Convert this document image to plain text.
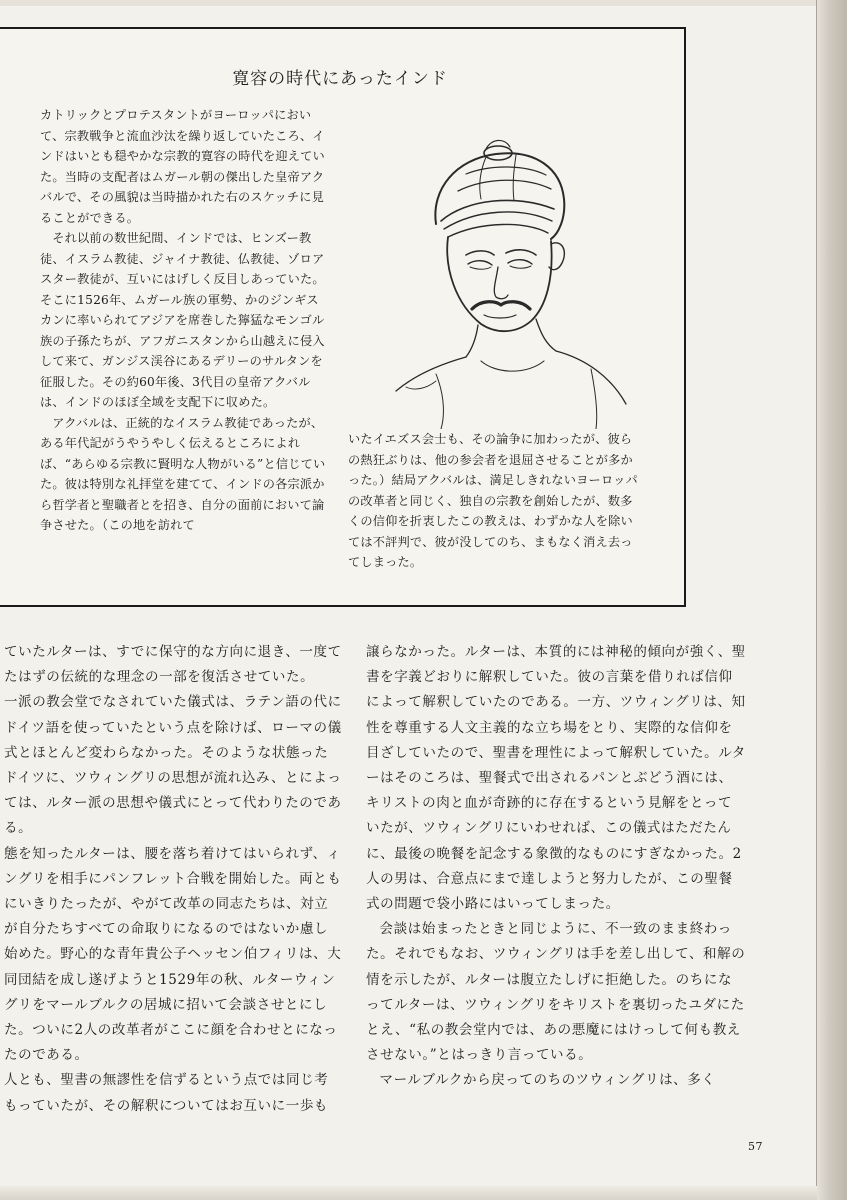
寛容の時代にあったインド

カトリックとプロテスタントがヨーロッパにおいて、宗教戦争と流血沙汰を繰り返していたころ、インドはいとも穏やかな宗教的寛容の時代を迎えていた。当時の支配者はムガール朝の傑出した皇帝アクバルで、その風貌は当時描かれた右のスケッチに見ることができる。

それ以前の数世紀間、インドでは、ヒンズー教徒、イスラム教徒、ジャイナ教徒、仏教徒、ゾロアスター教徒が、互いにはげしく反目しあっていた。そこに1526年、ムガール族の軍勢、かのジンギスカンに率いられてアジアを席巻した獰猛なモンゴル族の子孫たちが、アフガニスタンから山越えに侵入して来て、ガンジス渓谷にあるデリーのサルタンを征服した。その約60年後、3代目の皇帝アクバルは、インドのほぼ全域を支配下に収めた。

アクバルは、正統的なイスラム教徒であったが、ある年代記がうやうやしく伝えるところによれば、“あらゆる宗教に賢明な人物がいる”と信じていた。彼は特別な礼拝堂を建てて、インドの各宗派から哲学者と聖職者とを招き、自分の面前において論争させた。（この地を訪れて

いたイエズス会士も、その論争に加わったが、彼らの熱狂ぶりは、他の参会者を退屈させることが多かった。）結局アクバルは、満足しきれないヨーロッパの改革者と同じく、独自の宗教を創始したが、数多くの信仰を折衷したこの教えは、わずかな人を除いては不評判で、彼が没してのち、まもなく消え去ってしまった。

ていたルターは、すでに保守的な方向に退き、一度てたはずの伝統的な理念の一部を復活させていた。

一派の教会堂でなされていた儀式は、ラテン語の代にドイツ語を使っていたという点を除けば、ローマの儀式とほとんど変わらなかった。そのような状態ったドイツに、ツウィングリの思想が流れ込み、とによっては、ルター派の思想や儀式にとって代わりたのである。

態を知ったルターは、腰を落ち着けてはいられず、ィングリを相手にパンフレット合戦を開始した。両ともにいきりたったが、やがて改革の同志たちは、対立が自分たちすべての命取りになるのではないか慮し始めた。野心的な青年貴公子ヘッセン伯フィリは、大同団結を成し遂げようと1529年の秋、ルターウィングリをマールブルクの居城に招いて会談させとにした。ついに2人の改革者がここに顔を合わせとになったのである。

人とも、聖書の無謬性を信ずるという点では同じ考もっていたが、その解釈についてはお互いに一歩も

譲らなかった。ルターは、本質的には神秘的傾向が強く、聖書を字義どおりに解釈していた。彼の言葉を借りれば信仰によって解釈していたのである。一方、ツウィングリは、知性を尊重する人文主義的な立ち場をとり、実際的な信仰を目ざしていたので、聖書を理性によって解釈していた。ルターはそのころは、聖餐式で出されるパンとぶどう酒には、キリストの肉と血が奇跡的に存在するという見解をとっていたが、ツウィングリにいわせれば、この儀式はただたんに、最後の晩餐を記念する象徴的なものにすぎなかった。2人の男は、合意点にまで達しようと努力したが、この聖餐式の問題で袋小路にはいってしまった。

会談は始まったときと同じように、不一致のまま終わった。それでもなお、ツウィングリは手を差し出して、和解の情を示したが、ルターは腹立たしげに拒絶した。のちになってルターは、ツウィングリをキリストを裏切ったユダにたとえ、“私の教会堂内では、あの悪魔にはけっして何も教えさせない。”とはっきり言っている。

マールブルクから戻ってのちのツウィングリは、多く

57
